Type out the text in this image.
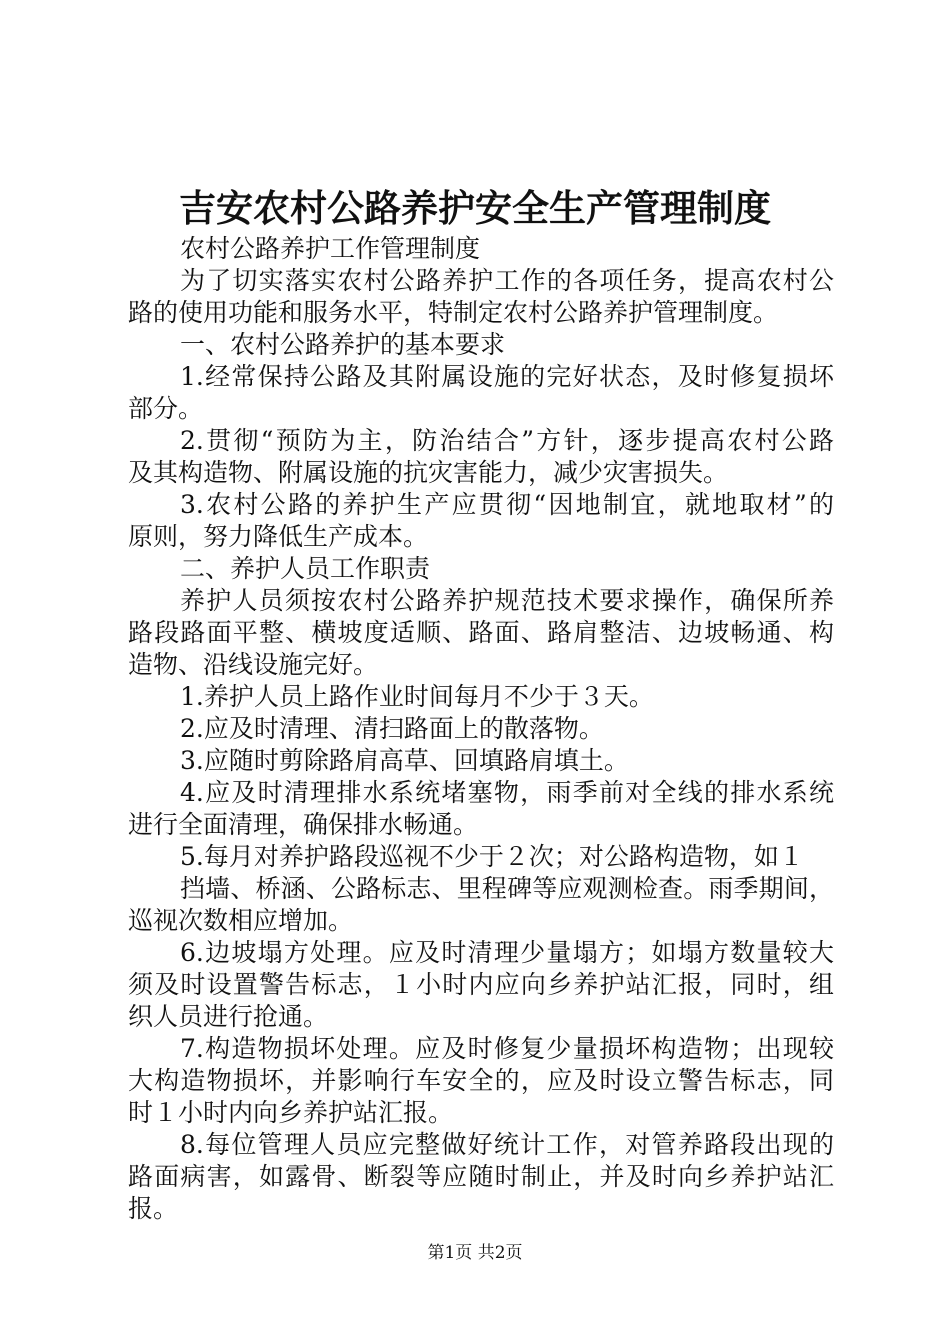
吉安农村公路养护安全生产管理制度
农村公路养护工作管理制度
为了切实落实农村公路养护工作的各项任务，提高农村公
路的使用功能和服务水平，特制定农村公路养护管理制度。
一、农村公路养护的基本要求
1.经常保持公路及其附属设施的完好状态，及时修复损坏
部分。
2.贯彻“预防为主，防治结合”方针，逐步提高农村公路
及其构造物、附属设施的抗灾害能力，减少灾害损失。
3.农村公路的养护生产应贯彻“因地制宜，就地取材”的
原则，努力降低生产成本。
二、养护人员工作职责
养护人员须按农村公路养护规范技术要求操作，确保所养
路段路面平整、横坡度适顺、路面、路肩整洁、边坡畅通、构
造物、沿线设施完好。
1.养护人员上路作业时间每月不少于３天。
2.应及时清理、清扫路面上的散落物。
3.应随时剪除路肩高草、回填路肩填土。
4.应及时清理排水系统堵塞物，雨季前对全线的排水系统
进行全面清理，确保排水畅通。
5.每月对养护路段巡视不少于２次；对公路构造物，如１
挡墙、桥涵、公路标志、里程碑等应观测检查。雨季期间，
巡视次数相应增加。
6.边坡塌方处理。应及时清理少量塌方；如塌方数量较大
须及时设置警告标志，１小时内应向乡养护站汇报，同时，组
织人员进行抢通。
7.构造物损坏处理。应及时修复少量损坏构造物；出现较
大构造物损坏，并影响行车安全的，应及时设立警告标志，同
时１小时内向乡养护站汇报。
8.每位管理人员应完整做好统计工作，对管养路段出现的
路面病害，如露骨、断裂等应随时制止，并及时向乡养护站汇
报。
第1页 共2页
